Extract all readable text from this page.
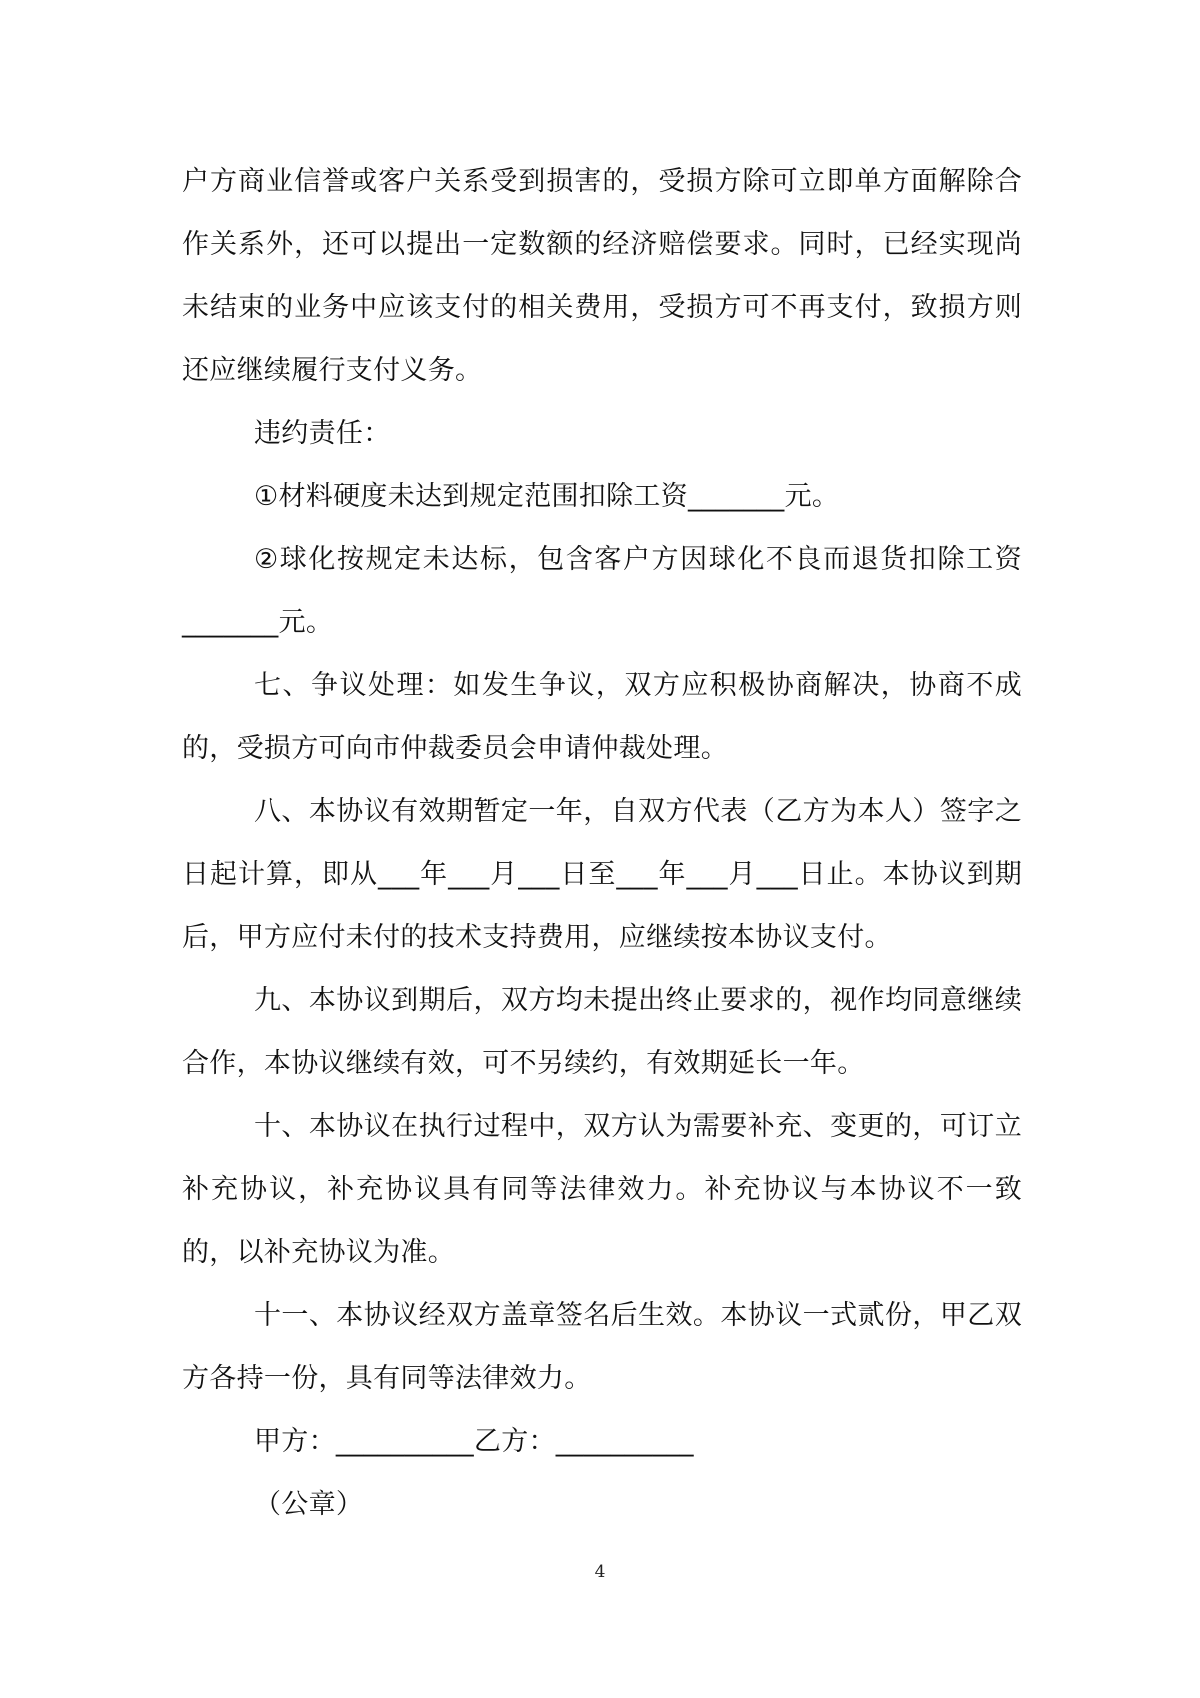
户方商业信誉或客户关系受到损害的，受损方除可立即单方面解除合作关系外，还可以提出一定数额的经济赔偿要求。同时，已经实现尚未结束的业务中应该支付的相关费用，受损方可不再支付，致损方则还应继续履行支付义务。

违约责任：

①材料硬度未达到规定范围扣除工资_______元。

②球化按规定未达标，包含客户方因球化不良而退货扣除工资_______元。

七、争议处理：如发生争议，双方应积极协商解决，协商不成的，受损方可向市仲裁委员会申请仲裁处理。

八、本协议有效期暂定一年，自双方代表（乙方为本人）签字之日起计算，即从___年___月___日至___年___月___日止。本协议到期后，甲方应付未付的技术支持费用，应继续按本协议支付。

九、本协议到期后，双方均未提出终止要求的，视作均同意继续合作，本协议继续有效，可不另续约，有效期延长一年。

十、本协议在执行过程中，双方认为需要补充、变更的，可订立补充协议，补充协议具有同等法律效力。补充协议与本协议不一致的，以补充协议为准。

十一、本协议经双方盖章签名后生效。本协议一式贰份，甲乙双方各持一份，具有同等法律效力。

甲方：__________乙方：__________

（公章）

4
